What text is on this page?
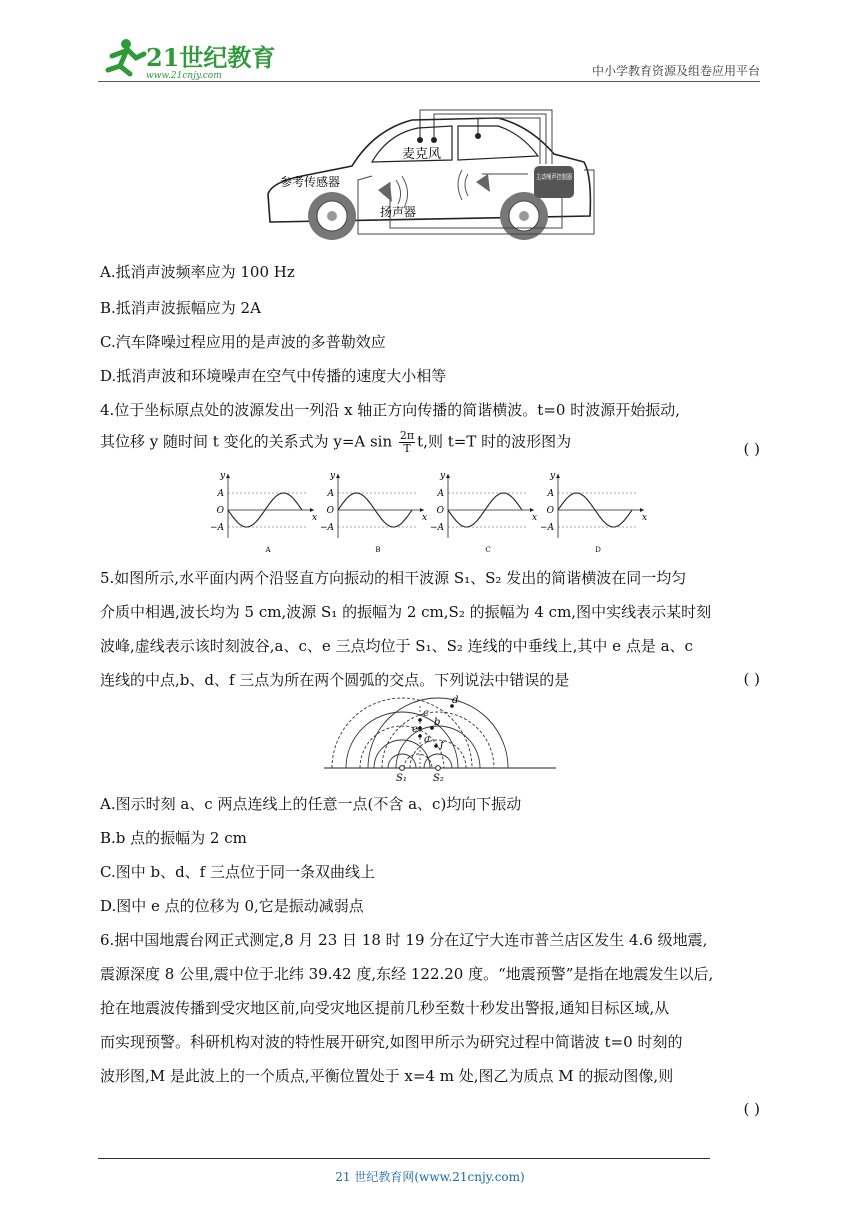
21世纪教育
www.21cnjy.com	中小学教育资源及组卷应用平台
主动噪声控制器
麦克风
参考传感器
扬声器
A.抵消声波频率应为 100 Hz
B.抵消声波振幅应为 2A
C.汽车降噪过程应用的是声波的多普勒效应
D.抵消声波和环境噪声在空气中传播的速度大小相等
4.位于坐标原点处的波源发出一列沿 x 轴正方向传播的简谐横波。t=0 时波源开始振动,
其位移 y 随时间 t 变化的关系式为 y=A $\sin \frac{2\pi}{T} t$,则 t=T 时的波形图为	( )
y
x
A
O
−A
A
y
x
A
O
−A
B
y
x
A
O
−A
C
y
x
A
O
−A
D
5.如图所示,水平面内两个沿竖直方向振动的相干波源 S₁、S₂ 发出的简谐横波在同一均匀
介质中相遇,波长均为 5 cm,波源 S₁ 的振幅为 2 cm,S₂ 的振幅为 4 cm,图中实线表示某时刻
波峰,虚线表示该时刻波谷,a、c、e 三点均位于 S₁、S₂ 连线的中垂线上,其中 e 点是 a、c
连线的中点,b、d、f 三点为所在两个圆弧的交点。下列说法中错误的是	( )
a
b
c
d
e
f
S₁	S₂
A.图示时刻 a、c 两点连线上的任意一点(不含 a、c)均向下振动
B.b 点的振幅为 2 cm
C.图中 b、d、f 三点位于同一条双曲线上
D.图中 e 点的位移为 0,它是振动减弱点
6.据中国地震台网正式测定,8 月 23 日 18 时 19 分在辽宁大连市普兰店区发生 4.6 级地震,
震源深度 8 公里,震中位于北纬 39.42 度,东经 122.20 度。“地震预警”是指在地震发生以后,
抢在地震波传播到受灾地区前,向受灾地区提前几秒至数十秒发出警报,通知目标区域,从
而实现预警。科研机构对波的特性展开研究,如图甲所示为研究过程中简谐波 t=0 时刻的
波形图,M 是此波上的一个质点,平衡位置处于 x=4 m 处,图乙为质点 M 的振动图像,则
( )
21 世纪教育网(www.21cnjy.com)
